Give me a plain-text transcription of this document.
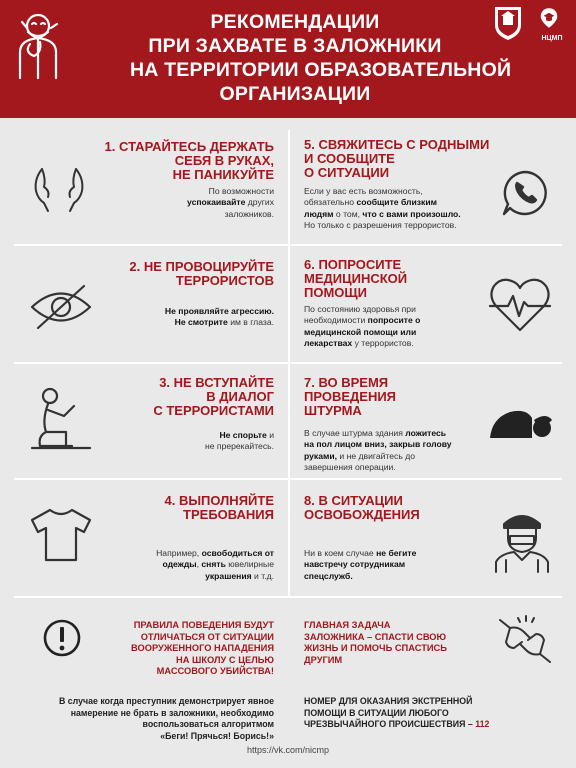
РЕКОМЕНДАЦИИ
ПРИ ЗАХВАТЕ В ЗАЛОЖНИКИ
НА ТЕРРИТОРИИ ОБРАЗОВАТЕЛЬНОЙ
ОРГАНИЗАЦИИ
НЦМП
1. СТАРАЙТЕСЬ ДЕРЖАТЬ
СЕБЯ В РУКАХ,
НЕ ПАНИКУЙТЕ
По возможности
успокаивайте других
заложников.
5. СВЯЖИТЕСЬ С РОДНЫМИ
И СООБЩИТЕ
О СИТУАЦИИ
Если у вас есть возможность,
обязательно сообщите близким
людям о том, что с вами произошло.
Но только с разрешения террористов.
2. НЕ ПРОВОЦИРУЙТЕ
ТЕРРОРИСТОВ
Не проявляйте агрессию.
Не смотрите им в глаза.
6. ПОПРОСИТЕ
МЕДИЦИНСКОЙ
ПОМОЩИ
По состоянию здоровья при
необходимости попросите о
медицинской помощи или
лекарствах у террористов.
3. НЕ ВСТУПАЙТЕ
В ДИАЛОГ
С ТЕРРОРИСТАМИ
Не спорьте и
не пререкайтесь.
7. ВО ВРЕМЯ
ПРОВЕДЕНИЯ
ШТУРМА
В случае штурма здания ложитесь
на пол лицом вниз, закрыв голову
руками, и не двигайтесь до
завершения операции.
4. ВЫПОЛНЯЙТЕ
ТРЕБОВАНИЯ
Например, освободиться от
одежды, снять ювелирные
украшения и т.д.
8. В СИТУАЦИИ
ОСВОБОЖДЕНИЯ
Ни в коем случае не бегите
навстречу сотрудникам
спецслужб.
ПРАВИЛА ПОВЕДЕНИЯ БУДУТ
ОТЛИЧАТЬСЯ ОТ СИТУАЦИИ
ВООРУЖЕННОГО НАПАДЕНИЯ
НА ШКОЛУ С ЦЕЛЬЮ
МАССОВОГО УБИЙСТВА!
ГЛАВНАЯ ЗАДАЧА
ЗАЛОЖНИКА – СПАСТИ СВОЮ
ЖИЗНЬ И ПОМОЧЬ СПАСТИСЬ
ДРУГИМ
В случае когда преступник демонстрирует явное
намерение не брать в заложники, необходимо
воспользоваться алгоритмом
«Беги! Прячься! Борись!»
НОМЕР ДЛЯ ОКАЗАНИЯ ЭКСТРЕННОЙ
ПОМОЩИ В СИТУАЦИИ ЛЮБОГО
ЧРЕЗВЫЧАЙНОГО ПРОИСШЕСТВИЯ – 112
https://vk.com/nicmp
